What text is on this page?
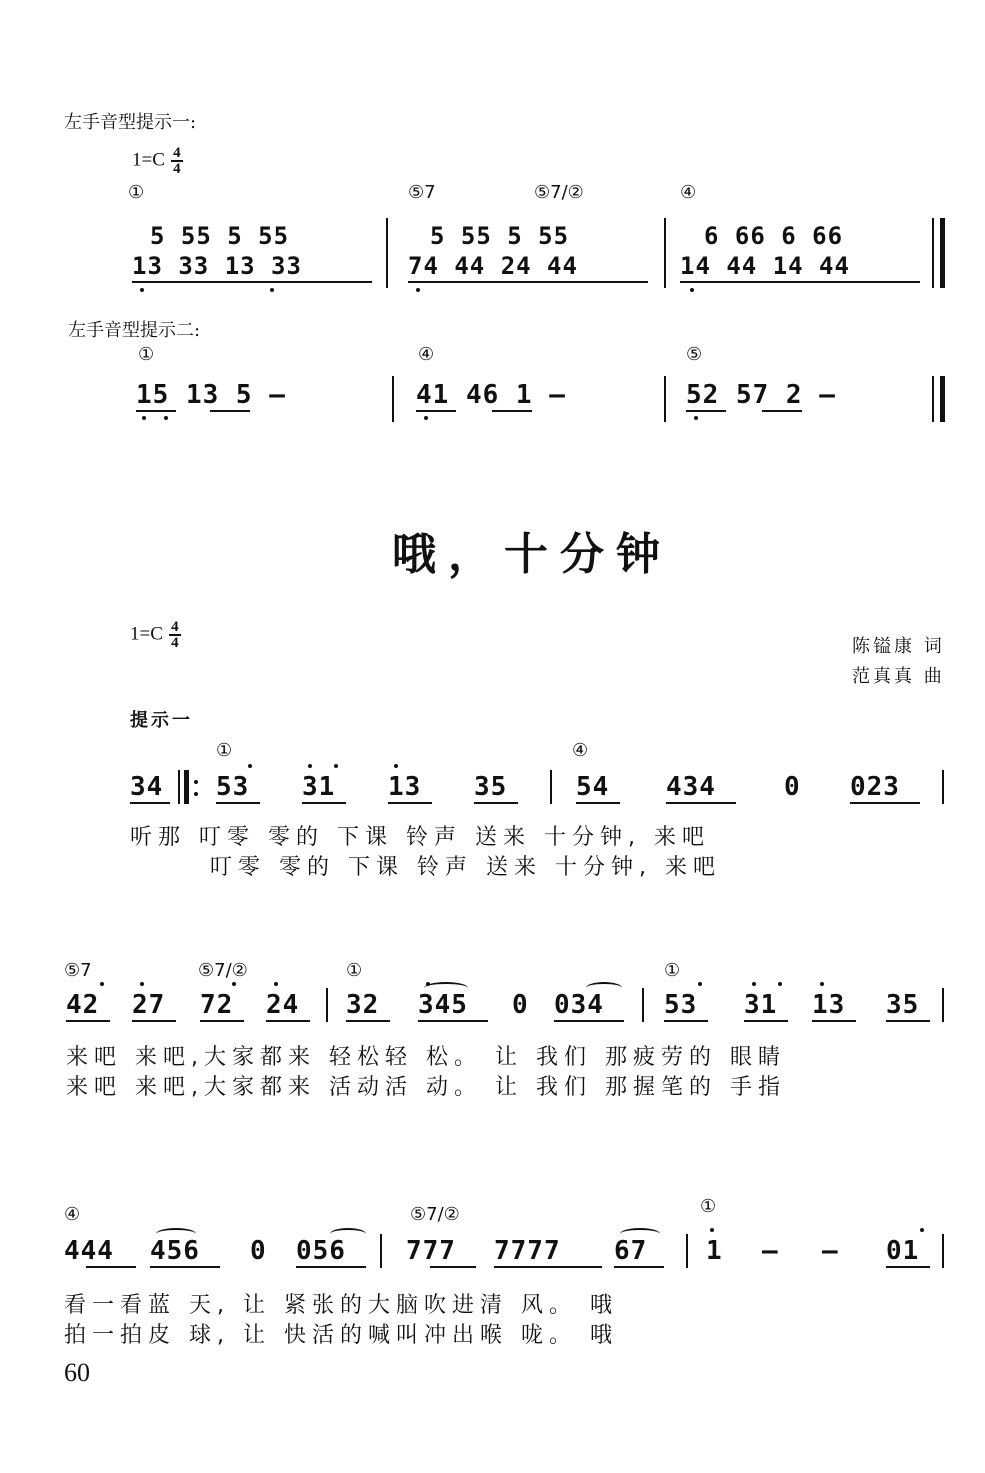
左手音型提示一:
$1=C \frac{4}{4}$
①	⑤7	⑤7/②	④
5 55 5 55	5 55 5 55	6 66 6 66
13 33 13 33	74 44 24 44	14 44 14 44
左手音型提示二:
①	④	⑤
15 13 5 –	41 46 1 –	52 57 2 –
哦，十分钟
$1=C \frac{4}{4}$	陈镒康 词
范真真 曲
提示一
①	④
34 53 31 13 35	54 434	0 023
听那 叮零 零的 下课 铃声 送来 十分钟, 来吧
叮零 零的 下课 铃声 送来 十分钟, 来吧
⑤7	⑤7/②	①	①
42 27 72 24 32 345 0 034 53 31 13 35
来吧 来吧,大家都来 轻松轻 松。 让 我们 那疲劳的 眼睛
来吧 来吧,大家都来 活动活 动。 让 我们 那握笔的 手指
④	⑤7/②	①
444 456 0 056 777 7777 67 1 – – 01
看一看蓝 天, 让 紧张的大脑吹进清 风。 哦
拍一拍皮 球, 让 快活的喊叫冲出喉 咙。 哦
60
